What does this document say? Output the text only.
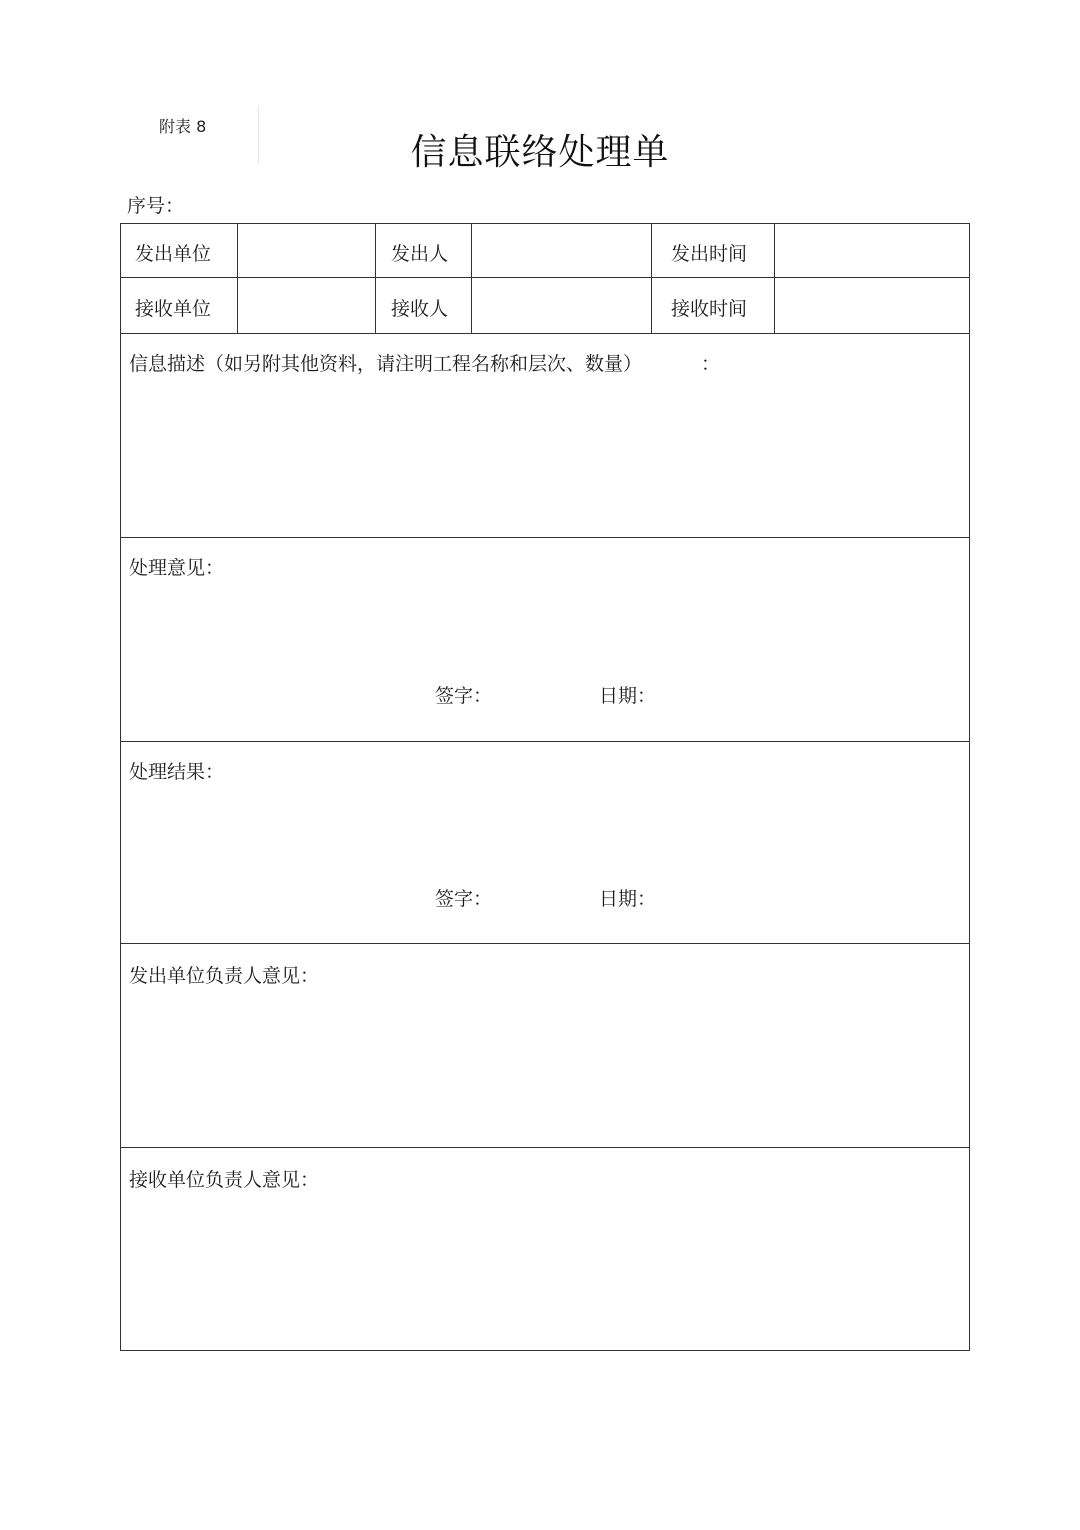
附表 8
信息联络处理单
序号：
发出单位	发出人	发出时间
接收单位	接收人	接收时间
信息描述（如另附其他资料，请注明工程名称和层次、数量）	：
处理意见：
签字：	日期：
处理结果：
签字：	日期：
发出单位负责人意见：
接收单位负责人意见：
